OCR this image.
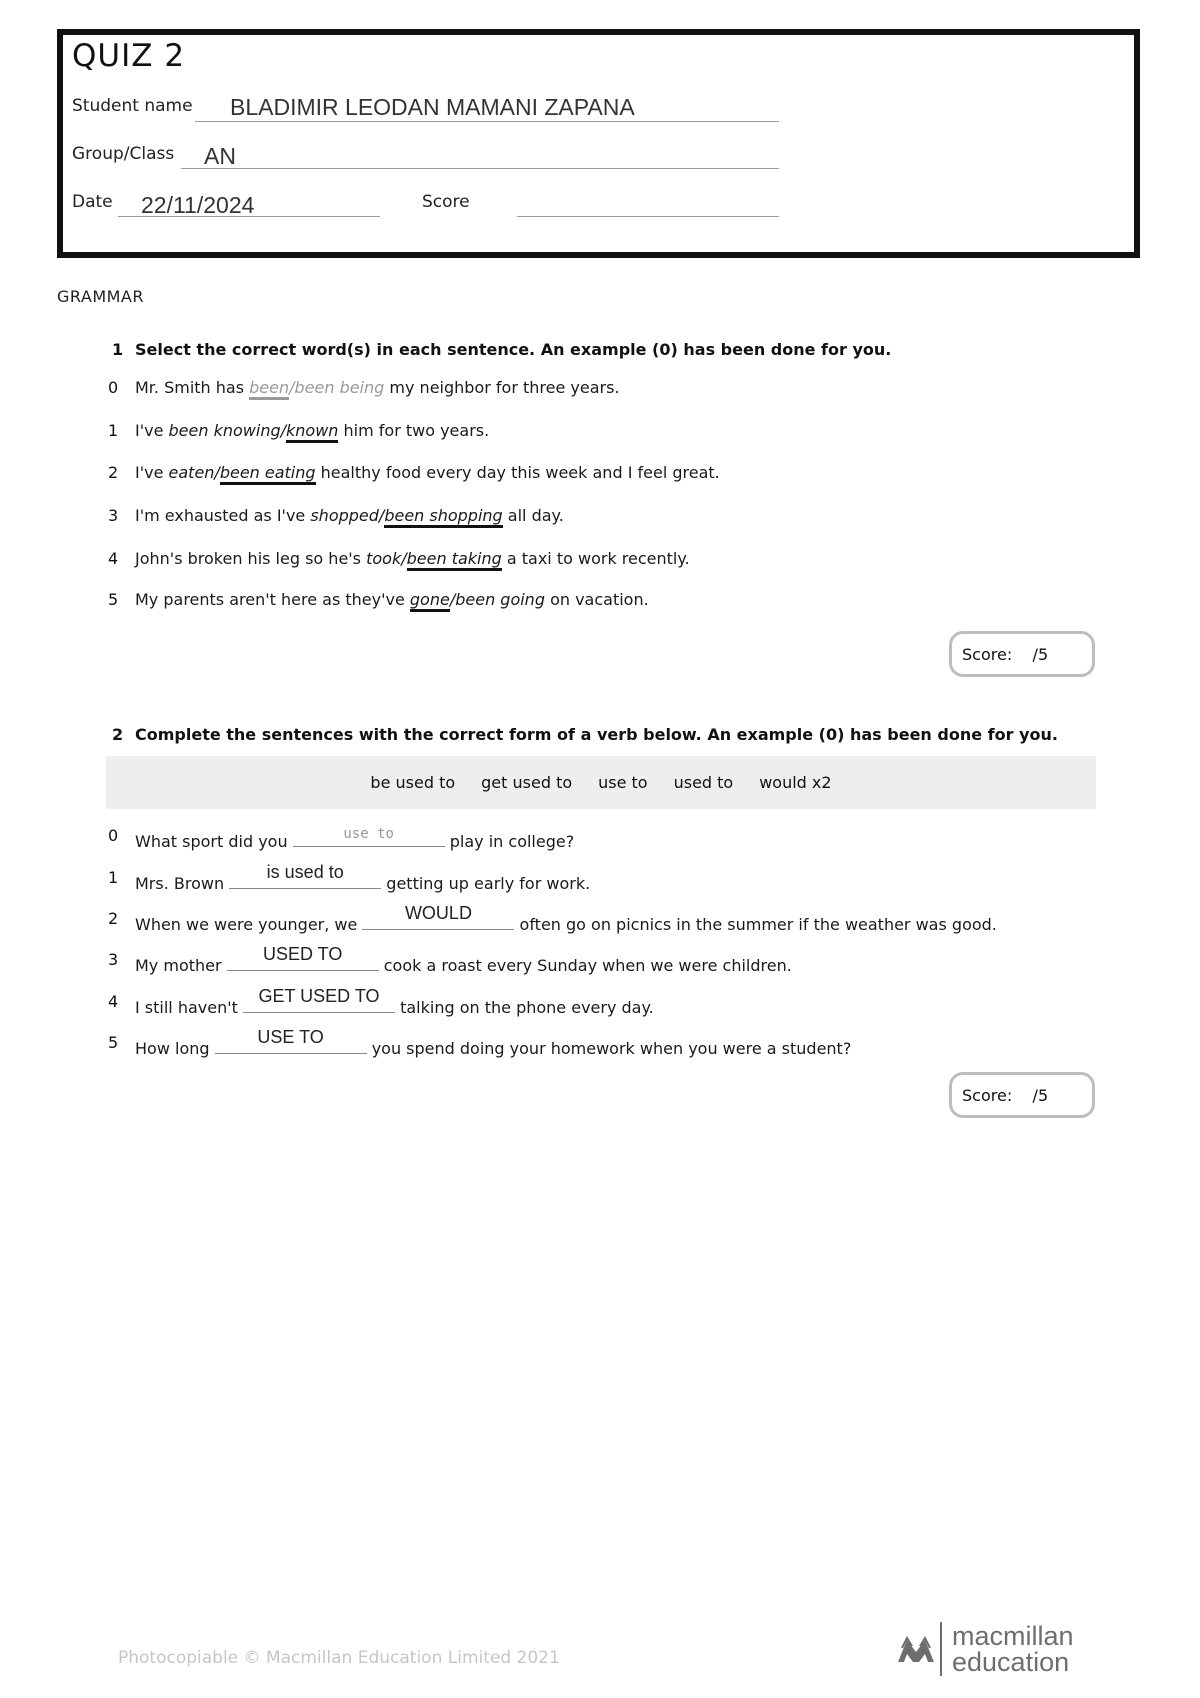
QUIZ 2
Student name BLADIMIR LEODAN MAMANI ZAPANA
Group/Class AN
Date 22/11/2024	Score
GRAMMAR
1 Select the correct word(s) in each sentence. An example (0) has been done for you.
0 Mr. Smith has been/been being my neighbor for three years.
1 I've been knowing/known him for two years.
2 I've eaten/been eating healthy food every day this week and I feel great.
3 I'm exhausted as I've shopped/been shopping all day.
4 John's broken his leg so he's took/been taking a taxi to work recently.
5 My parents aren't here as they've gone/been going on vacation.
Score:
/5
2 Complete the sentences with the correct form of a verb below. An example (0) has been done for you.
be used to get used to use to used to would x2
0 What sport did you	use to	play in college?
1 Mrs. Brown
is used to
getting up early for work.
2 When we were younger, we
WOULD
often go on picnics in the summer if the weather was good.
3 My mother
USED TO
cook a roast every Sunday when we were children.
4 I still haven't
GET USED TO
talking on the phone every day.
5 How long
USE TO
you spend doing your homework when you were a student?
Score:
/5
Photocopiable © Macmillan Education Limited 2021
macmillan
education
